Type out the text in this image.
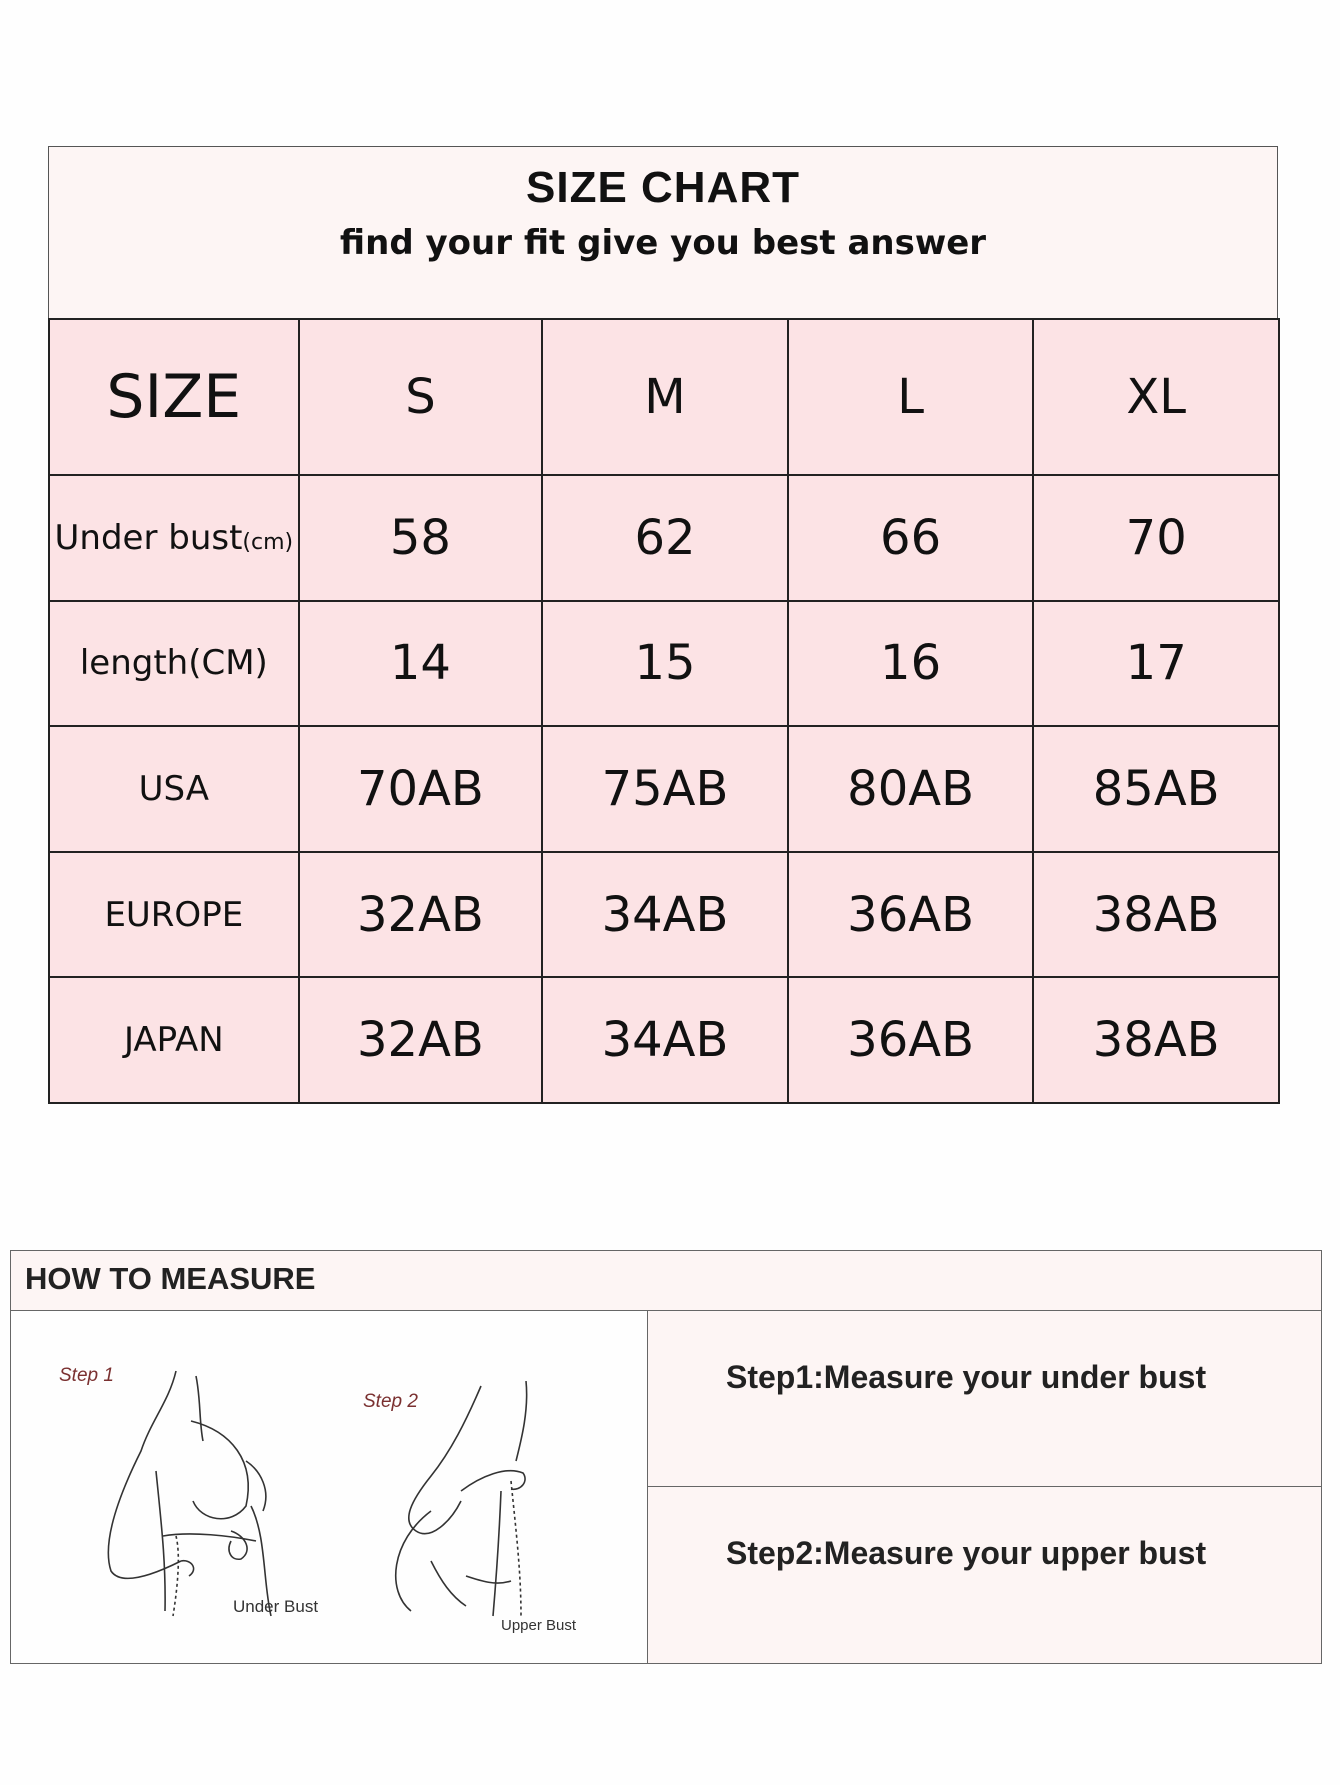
SIZE CHART
find your fit give you best answer
SIZE	S	M	L	XL
Under bust(cm)	58	62	66	70
length(CM)	14	15	16	17
USA	70AB	75AB	80AB	85AB
EUROPE	32AB	34AB	36AB	38AB
JAPAN	32AB	34AB	36AB	38AB
HOW TO MEASURE
Step 1
Step 2
Under Bust
Upper Bust
Step1:Measure your under bust
Step2:Measure your upper bust
